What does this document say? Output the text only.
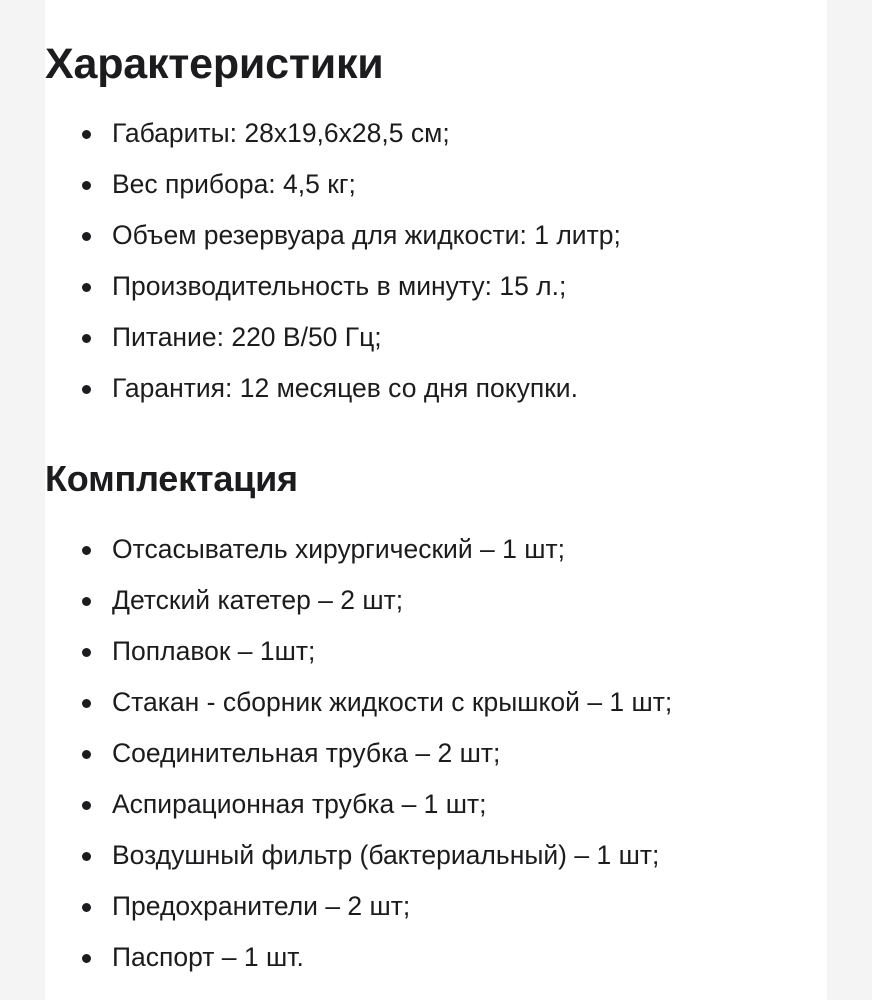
Характеристики
Габариты: 28х19,6х28,5 см;
Вес прибора: 4,5 кг;
Объем резервуара для жидкости: 1 литр;
Производительность в минуту: 15 л.;
Питание: 220 В/50 Гц;
Гарантия: 12 месяцев со дня покупки.
Комплектация
Отсасыватель хирургический – 1 шт;
Детский катетер – 2 шт;
Поплавок – 1шт;
Стакан - сборник жидкости с крышкой – 1 шт;
Соединительная трубка – 2 шт;
Аспирационная трубка – 1 шт;
Воздушный фильтр (бактериальный) – 1 шт;
Предохранители – 2 шт;
Паспорт – 1 шт.
